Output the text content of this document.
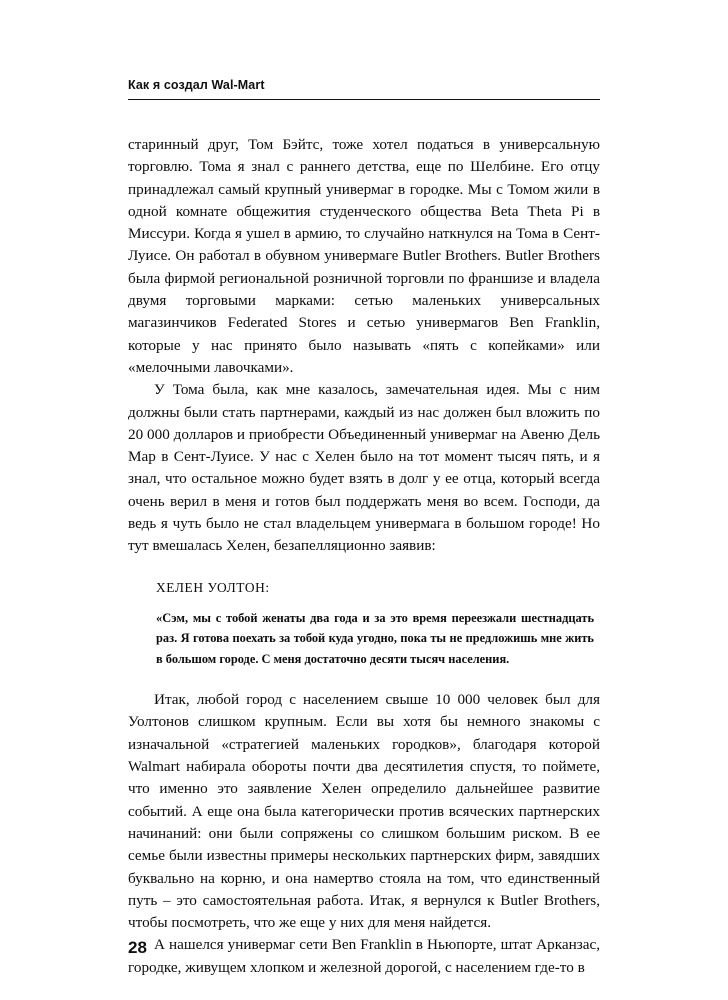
Как я создал Wal-Mart

старинный друг, Том Бэйтс, тоже хотел податься в универсальную торговлю. Тома я знал с раннего детства, еще по Шелбине. Его отцу принадлежал самый крупный универмаг в городке. Мы с Томом жили в одной комнате общежития студенческого общества Beta Theta Pi в Миссури. Когда я ушел в армию, то случайно наткнулся на Тома в Сент-Луисе. Он работал в обувном универмаге Butler Brothers. Butler Brothers была фирмой региональной розничной торговли по франшизе и владела двумя торговыми марками: сетью маленьких универсальных магазинчиков Federated Stores и сетью универмагов Ben Franklin, которые у нас принято было называть «пять с копейками» или «мелочными лавочками».

У Тома была, как мне казалось, замечательная идея. Мы с ним должны были стать партнерами, каждый из нас должен был вложить по 20 000 долларов и приобрести Объединенный универмаг на Авеню Дель Мар в Сент-Луисе. У нас с Хелен было на тот момент тысяч пять, и я знал, что остальное можно будет взять в долг у ее отца, который всегда очень верил в меня и готов был поддержать меня во всем. Господи, да ведь я чуть было не стал владельцем универмага в большом городе! Но тут вмешалась Хелен, безапелляционно заявив:

ХЕЛЕН УОЛТОН:

«Сэм, мы с тобой женаты два года и за это время переезжали шестнадцать раз. Я готова поехать за тобой куда угодно, пока ты не предложишь мне жить в большом городе. С меня достаточно десяти тысяч населения.

Итак, любой город с населением свыше 10 000 человек был для Уолтонов слишком крупным. Если вы хотя бы немного знакомы с изначальной «стратегией маленьких городков», благодаря которой Walmart набирала обороты почти два десятилетия спустя, то поймете, что именно это заявление Хелен определило дальнейшее развитие событий. А еще она была категорически против всяческих партнерских начинаний: они были сопряжены со слишком большим риском. В ее семье были известны примеры нескольких партнерских фирм, завядших буквально на корню, и она намертво стояла на том, что единственный путь – это самостоятельная работа. Итак, я вернулся к Butler Brothers, чтобы посмотреть, что же еще у них для меня найдется.

А нашелся универмаг сети Ben Franklin в Ньюпорте, штат Арканзас, городке, живущем хлопком и железной дорогой, с населением где-то в

28
